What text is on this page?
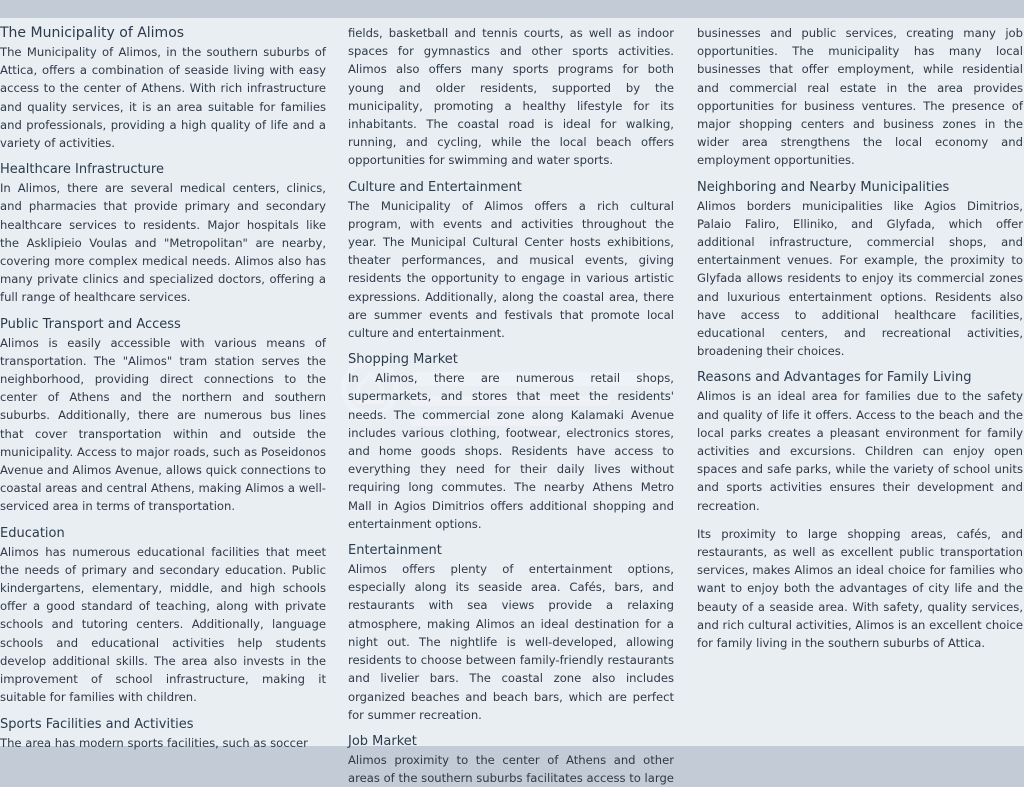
The Municipality of Alimos

The Municipality of Alimos, in the southern suburbs of Attica, offers a combination of seaside living with easy access to the center of Athens. With rich infrastructure and quality services, it is an area suitable for families and professionals, providing a high quality of life and a variety of activities.

Healthcare Infrastructure

In Alimos, there are several medical centers, clinics, and pharmacies that provide primary and secondary healthcare services to residents. Major hospitals like the Asklipieio Voulas and "Metropolitan" are nearby, covering more complex medical needs. Alimos also has many private clinics and specialized doctors, offering a full range of healthcare services.

Public Transport and Access

Alimos is easily accessible with various means of transportation. The "Alimos" tram station serves the neighborhood, providing direct connections to the center of Athens and the northern and southern suburbs. Additionally, there are numerous bus lines that cover transportation within and outside the municipality. Access to major roads, such as Poseidonos Avenue and Alimos Avenue, allows quick connections to coastal areas and central Athens, making Alimos a well-serviced area in terms of transportation.

Education

Alimos has numerous educational facilities that meet the needs of primary and secondary education. Public kindergartens, elementary, middle, and high schools offer a good standard of teaching, along with private schools and tutoring centers. Additionally, language schools and educational activities help students develop additional skills. The area also invests in the improvement of school infrastructure, making it suitable for families with children.

Sports Facilities and Activities

The area has modern sports facilities, such as soccer

fields, basketball and tennis courts, as well as indoor spaces for gymnastics and other sports activities. Alimos also offers many sports programs for both young and older residents, supported by the municipality, promoting a healthy lifestyle for its inhabitants. The coastal road is ideal for walking, running, and cycling, while the local beach offers opportunities for swimming and water sports.

Culture and Entertainment

The Municipality of Alimos offers a rich cultural program, with events and activities throughout the year. The Municipal Cultural Center hosts exhibitions, theater performances, and musical events, giving residents the opportunity to engage in various artistic expressions. Additionally, along the coastal area, there are summer events and festivals that promote local culture and entertainment.

Shopping Market

In Alimos, there are numerous retail shops, supermarkets, and stores that meet the residents' needs. The commercial zone along Kalamaki Avenue includes various clothing, footwear, electronics stores, and home goods shops. Residents have access to everything they need for their daily lives without requiring long commutes. The nearby Athens Metro Mall in Agios Dimitrios offers additional shopping and entertainment options.

Entertainment

Alimos offers plenty of entertainment options, especially along its seaside area. Cafés, bars, and restaurants with sea views provide a relaxing atmosphere, making Alimos an ideal destination for a night out. The nightlife is well-developed, allowing residents to choose between family-friendly restaurants and livelier bars. The coastal zone also includes organized beaches and beach bars, which are perfect for summer recreation.

Job Market

Alimos proximity to the center of Athens and other areas of the southern suburbs facilitates access to large

businesses and public services, creating many job opportunities. The municipality has many local businesses that offer employment, while residential and commercial real estate in the area provides opportunities for business ventures. The presence of major shopping centers and business zones in the wider area strengthens the local economy and employment opportunities.

Neighboring and Nearby Municipalities

Alimos borders municipalities like Agios Dimitrios, Palaio Faliro, Elliniko, and Glyfada, which offer additional infrastructure, commercial shops, and entertainment venues. For example, the proximity to Glyfada allows residents to enjoy its commercial zones and luxurious entertainment options. Residents also have access to additional healthcare facilities, educational centers, and recreational activities, broadening their choices.

Reasons and Advantages for Family Living

Alimos is an ideal area for families due to the safety and quality of life it offers. Access to the beach and the local parks creates a pleasant environment for family activities and excursions. Children can enjoy open spaces and safe parks, while the variety of school units and sports activities ensures their development and recreation.

Its proximity to large shopping areas, cafés, and restaurants, as well as excellent public transportation services, makes Alimos an ideal choice for families who want to enjoy both the advantages of city life and the beauty of a seaside area. With safety, quality services, and rich cultural activities, Alimos is an excellent choice for family living in the southern suburbs of Attica.
